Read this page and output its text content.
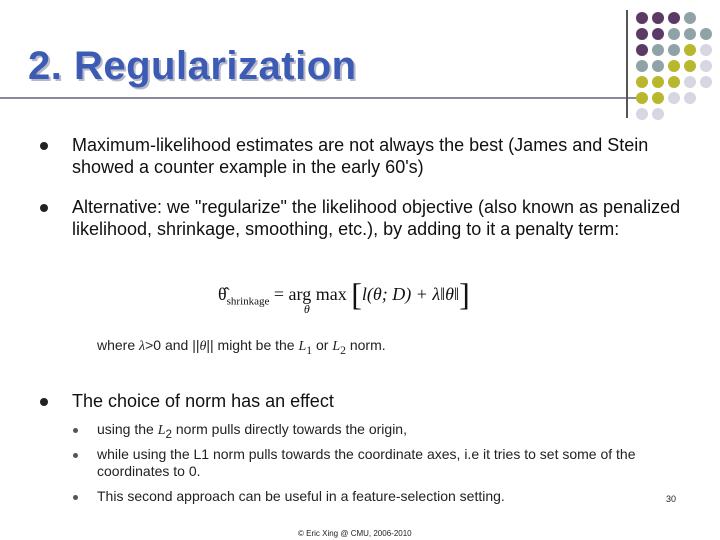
2. Regularization

Maximum-likelihood estimates are not always the best (James and Stein showed a counter example in the early 60's)

Alternative: we "regularize" the likelihood objective (also known as penalized likelihood, shrinkage, smoothing, etc.), by adding to it a penalty term:

$\thetâ_{shrinkage}$ = arg max
θ [l(θ; D) + λ‖θ‖]

where λ>0 and ||θ|| might be the $L_1$ or $L_2$ norm.

The choice of norm has an effect

using the $L_2$ norm pulls directly towards the origin,

while using the L1 norm pulls towards the coordinate axes, i.e it tries to set some of the coordinates to 0.

This second approach can be useful in a feature-selection setting.	30
© Eric Xing @ CMU, 2006-2010
